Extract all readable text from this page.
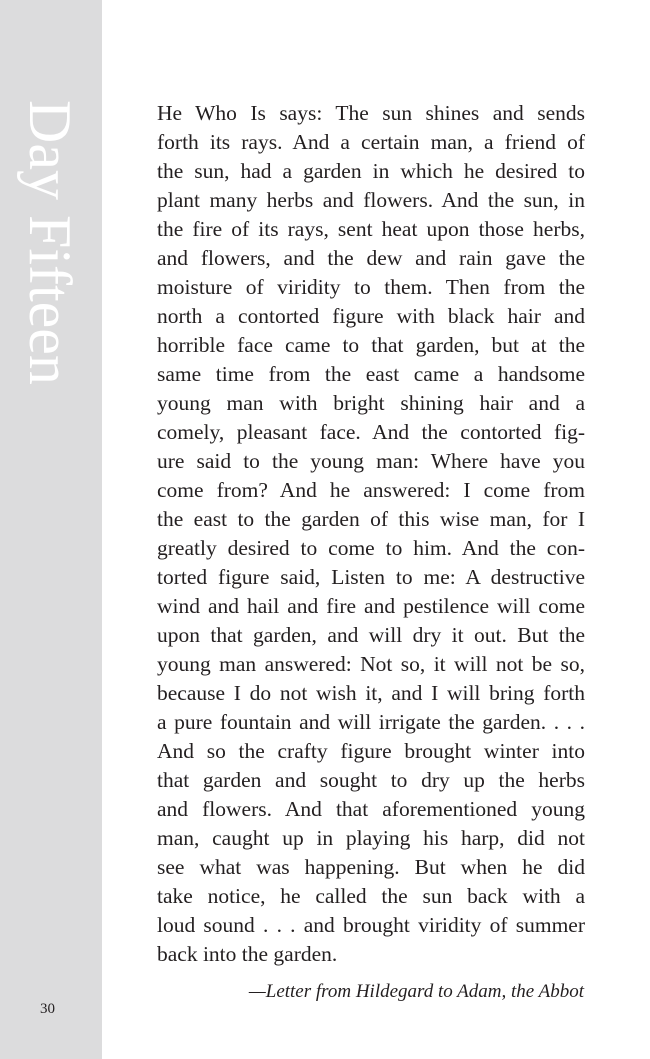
Day Fifteen
30
He Who Is says: The sun shines and sends
forth its rays. And a certain man, a friend of
the sun, had a garden in which he desired to
plant many herbs and flowers. And the sun, in
the fire of its rays, sent heat upon those herbs,
and flowers, and the dew and rain gave the
moisture of viridity to them. Then from the
north a contorted figure with black hair and
horrible face came to that garden, but at the
same time from the east came a handsome
young man with bright shining hair and a
comely, pleasant face. And the contorted fig-
ure said to the young man: Where have you
come from? And he answered: I come from
the east to the garden of this wise man, for I
greatly desired to come to him. And the con-
torted figure said, Listen to me: A destructive
wind and hail and fire and pestilence will come
upon that garden, and will dry it out. But the
young man answered: Not so, it will not be so,
because I do not wish it, and I will bring forth
a pure fountain and will irrigate the garden. . . .
And so the crafty figure brought winter into
that garden and sought to dry up the herbs
and flowers. And that aforementioned young
man, caught up in playing his harp, did not
see what was happening. But when he did
take notice, he called the sun back with a
loud sound . . . and brought viridity of summer
back into the garden.
—Letter from Hildegard to Adam, the Abbot
